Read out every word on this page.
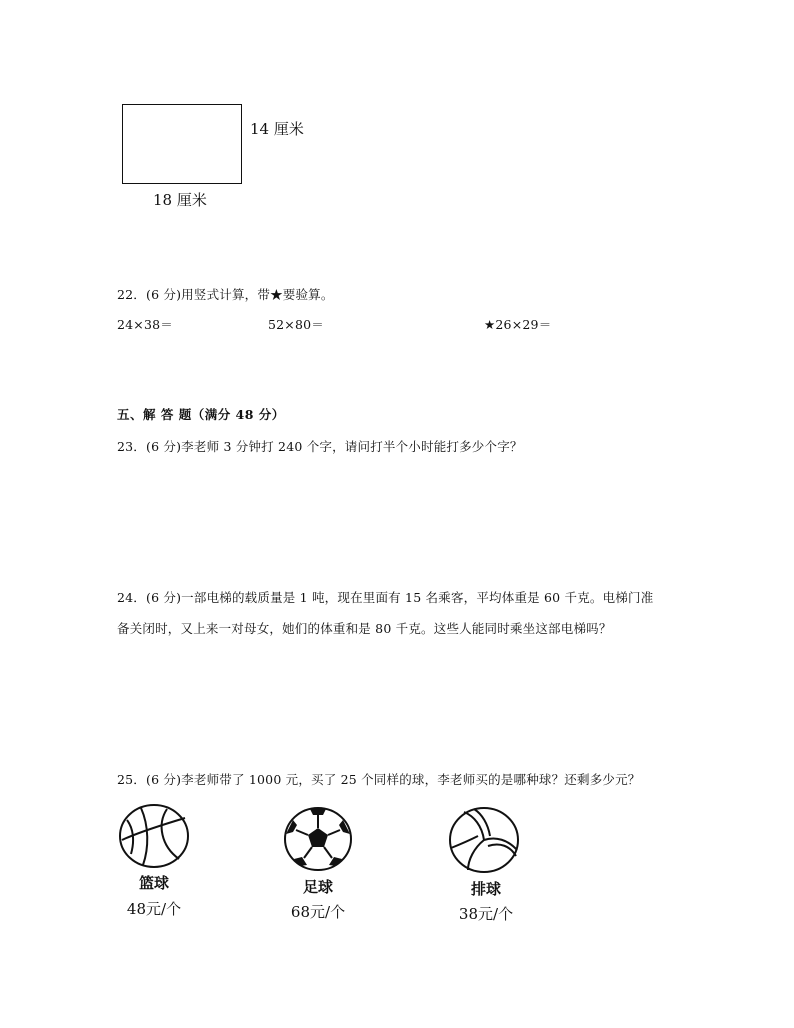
14 厘米
18 厘米
22．(6 分)用竖式计算，带★要验算。
24×38＝	52×80＝	★26×29＝
五、解 答 题（满分 48 分）
23．(6 分)李老师 3 分钟打 240 个字，请问打半个小时能打多少个字？
24．(6 分)一部电梯的载质量是 1 吨，现在里面有 15 名乘客，平均体重是 60 千克。电梯门准
备关闭时，又上来一对母女，她们的体重和是 80 千克。这些人能同时乘坐这部电梯吗？
25．(6 分)李老师带了 1000 元，买了 25 个同样的球，李老师买的是哪种球？还剩多少元？
篮球
48元/个
足球
68元/个
排球
38元/个
